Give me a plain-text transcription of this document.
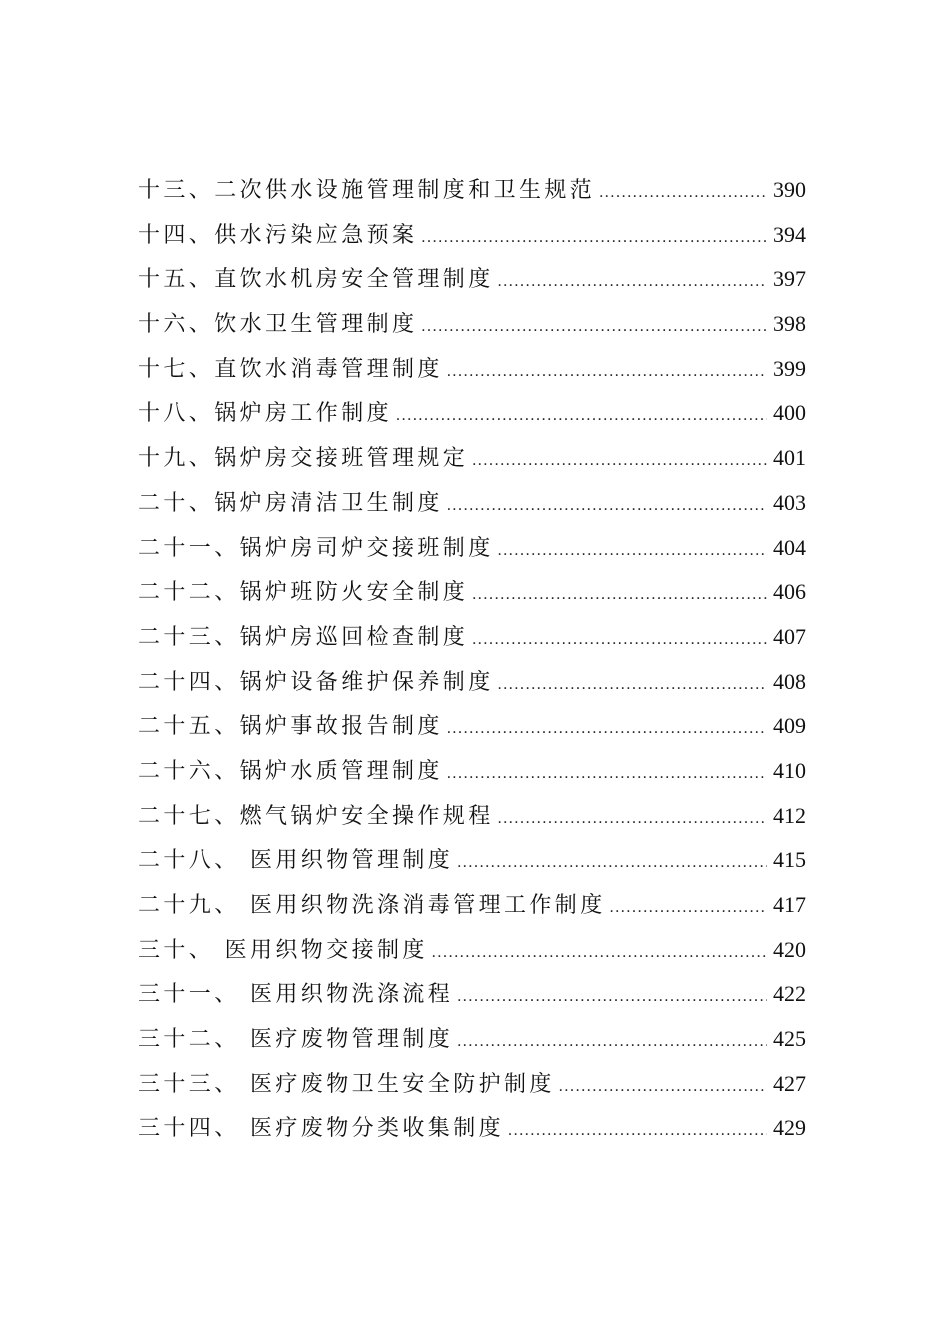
十三、二次供水设施管理制度和卫生规范 .....	390
十四、供水污染应急预案 .....	394
十五、直饮水机房安全管理制度 .....	397
十六、饮水卫生管理制度 .....	398
十七、直饮水消毒管理制度 .....	399
十八、锅炉房工作制度 .....	400
十九、锅炉房交接班管理规定 .....	401
二十、锅炉房清洁卫生制度 .....	403
二十一、锅炉房司炉交接班制度 .....	404
二十二、锅炉班防火安全制度 .....	406
二十三、锅炉房巡回检查制度 .....	407
二十四、锅炉设备维护保养制度 .....	408
二十五、锅炉事故报告制度 .....	409
二十六、锅炉水质管理制度 .....	410
二十七、燃气锅炉安全操作规程 .....	412
二十八、 医用织物管理制度 .....	415
二十九、 医用织物洗涤消毒管理工作制度 .....	417
三十、 医用织物交接制度 .....	420
三十一、 医用织物洗涤流程 .....	422
三十二、 医疗废物管理制度 .....	425
三十三、 医疗废物卫生安全防护制度 .....	427
三十四、 医疗废物分类收集制度 .....	429
